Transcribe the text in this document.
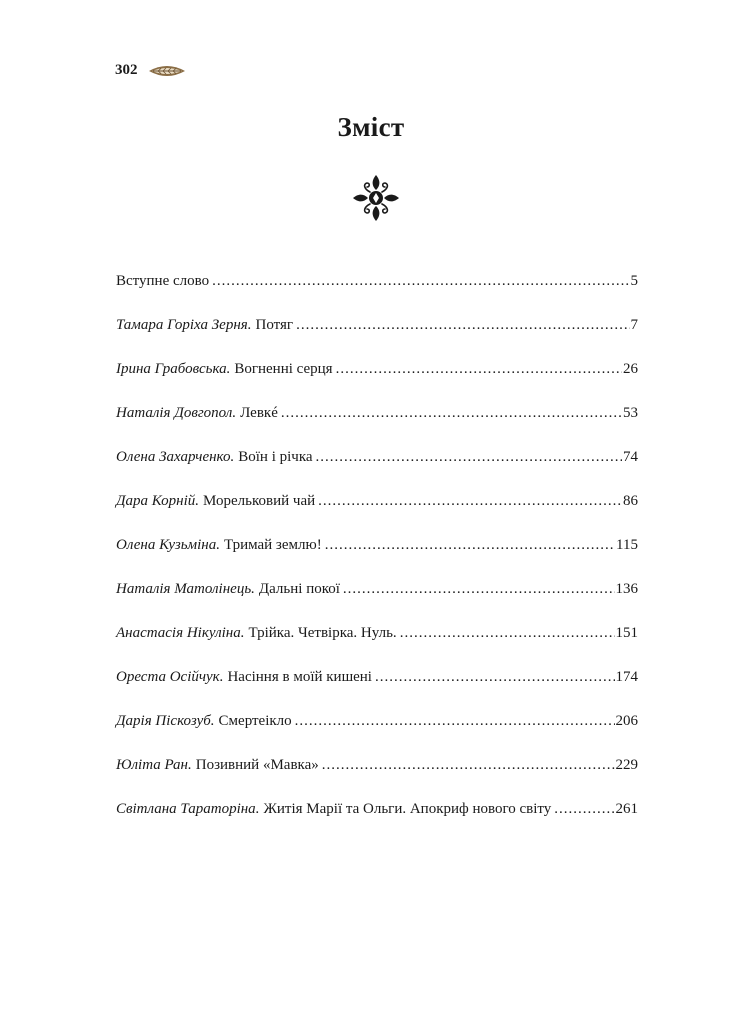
302
Зміст
Вступне слово .....	5
Тамара Горіха Зерня . Потяг .....	7
Ірина Грабовська . Вогненні серця .....	26
Наталія Довгопол . Левкé .....	53
Олена Захарченко . Воїн і річка .....	74
Дара Корній . Морельковий чай .....	86
Олена Кузьміна . Тримай землю! .....	115
Наталія Матолінець . Дальні покої .....	136
Анастасія Нікуліна . Трійка. Четвірка. Нуль. .....	151
Ореста Осійчук . Насіння в моїй кишені .....	174
Дарія Піскозуб . Смертеікло .....	206
Юліта Ран . Позивний «Мавка» .....	229
Світлана Тараторіна . Житія Марії та Ольги. Апокриф нового світу .....	261
